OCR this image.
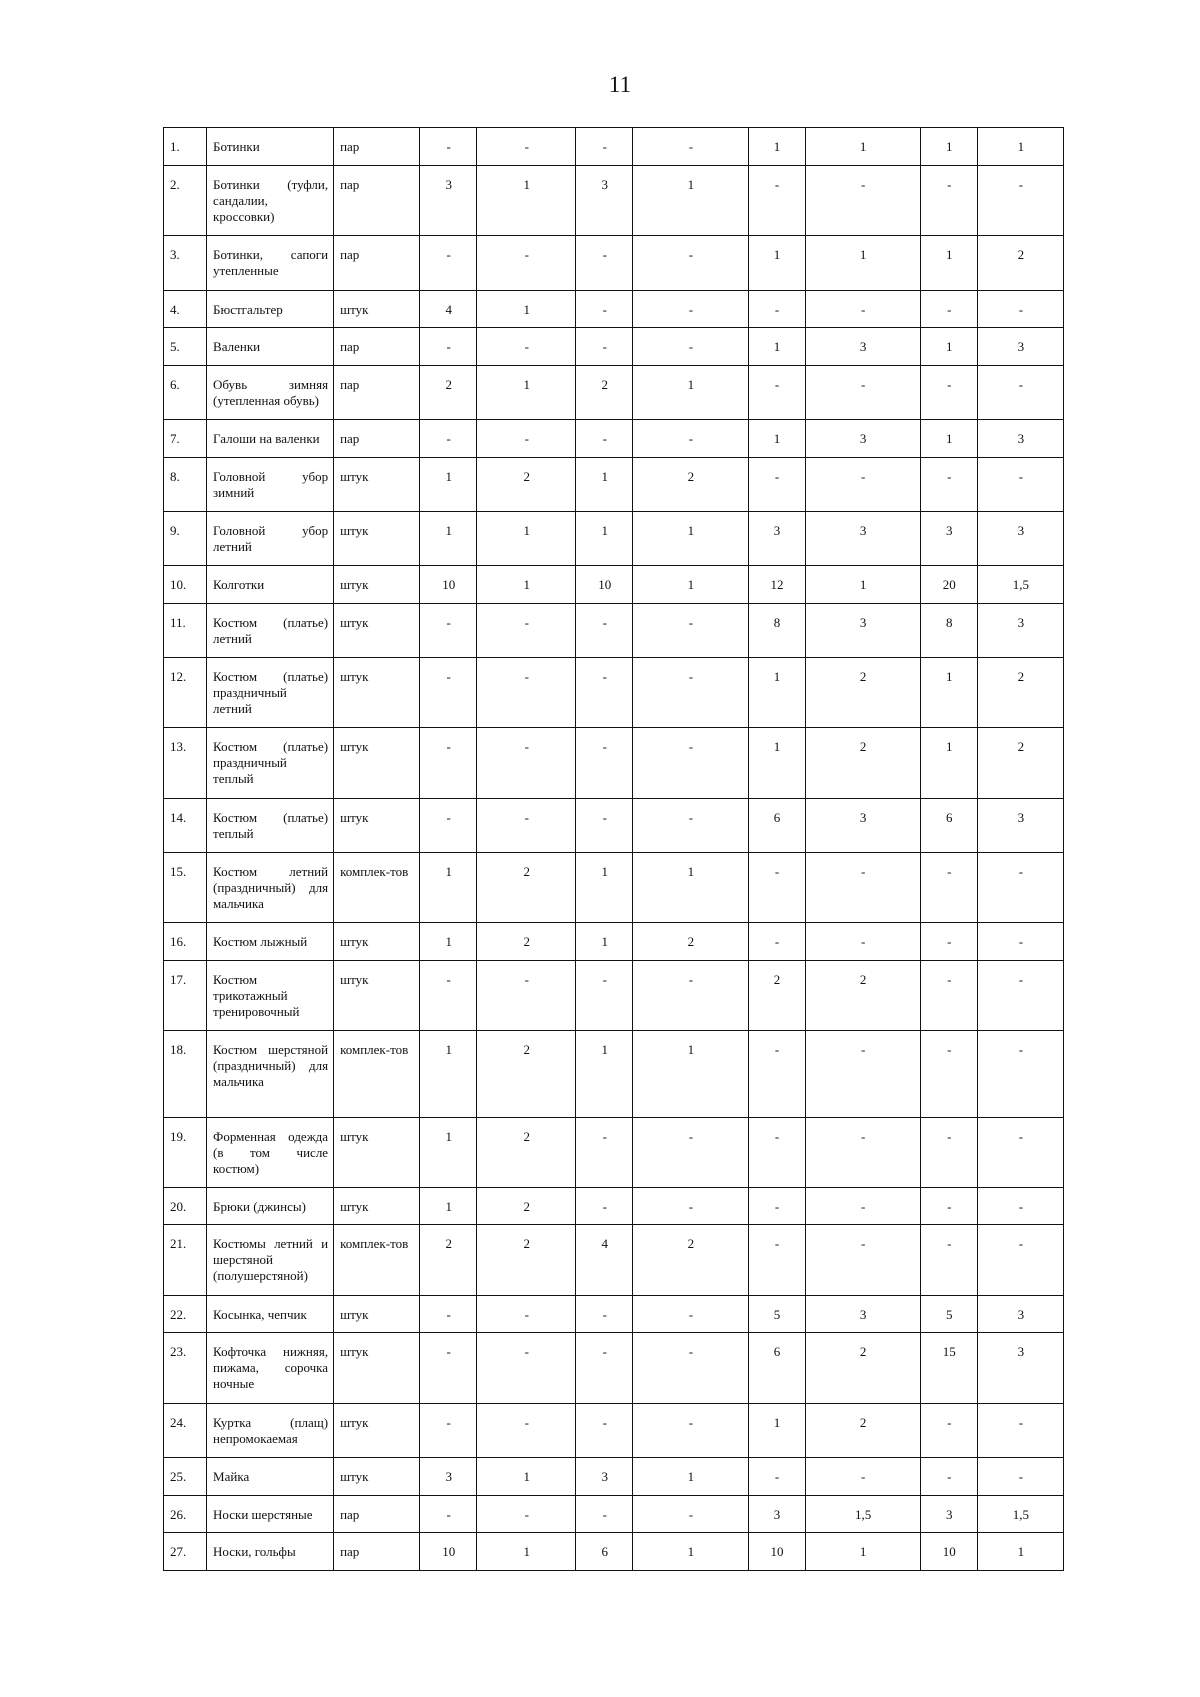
11
1.	Ботинки	пар	-	-	-	-	1	1	1	1
2.	Ботинки (туфли, сандалии, кроссовки)	пар	3	1	3	1	-	-	-	-
3.	Ботинки, сапоги утепленные	пар	-	-	-	-	1	1	1	2
4.	Бюстгальтер	штук	4	1	-	-	-	-	-	-
5.	Валенки	пар	-	-	-	-	1	3	1	3
6.	Обувь зимняя (утепленная обувь)	пар	2	1	2	1	-	-	-	-
7.	Галоши на валенки	пар	-	-	-	-	1	3	1	3
8.	Головной убор зимний	штук	1	2	1	2	-	-	-	-
9.	Головной убор летний	штук	1	1	1	1	3	3	3	3
10.	Колготки	штук	10	1	10	1	12	1	20	1,5
11.	Костюм (платье) летний	штук	-	-	-	-	8	3	8	3
12.	Костюм (платье) праздничный летний	штук	-	-	-	-	1	2	1	2
13.	Костюм (платье) праздничный теплый	штук	-	-	-	-	1	2	1	2
14.	Костюм (платье) теплый	штук	-	-	-	-	6	3	6	3
15.	Костюм летний (праздничный) для мальчика	комплек-тов	1	2	1	1	-	-	-	-
16.	Костюм лыжный	штук	1	2	1	2	-	-	-	-
17.	Костюм трикотажный тренировочный	штук	-	-	-	-	2	2	-	-
18.	Костюм шерстяной (праздничный) для мальчика	комплек-тов	1	2	1	1	-	-	-	-
19.	Форменная одежда (в том числе костюм)	штук	1	2	-	-	-	-	-	-
20.	Брюки (джинсы)	штук	1	2	-	-	-	-	-	-
21.	Костюмы летний и шерстяной (полушерстяной)	комплек-тов	2	2	4	2	-	-	-	-
22.	Косынка, чепчик	штук	-	-	-	-	5	3	5	3
23.	Кофточка нижняя, пижама, сорочка ночные	штук	-	-	-	-	6	2	15	3
24.	Куртка (плащ) непромокаемая	штук	-	-	-	-	1	2	-	-
25.	Майка	штук	3	1	3	1	-	-	-	-
26.	Носки шерстяные	пар	-	-	-	-	3	1,5	3	1,5
27.	Носки, гольфы	пар	10	1	6	1	10	1	10	1
